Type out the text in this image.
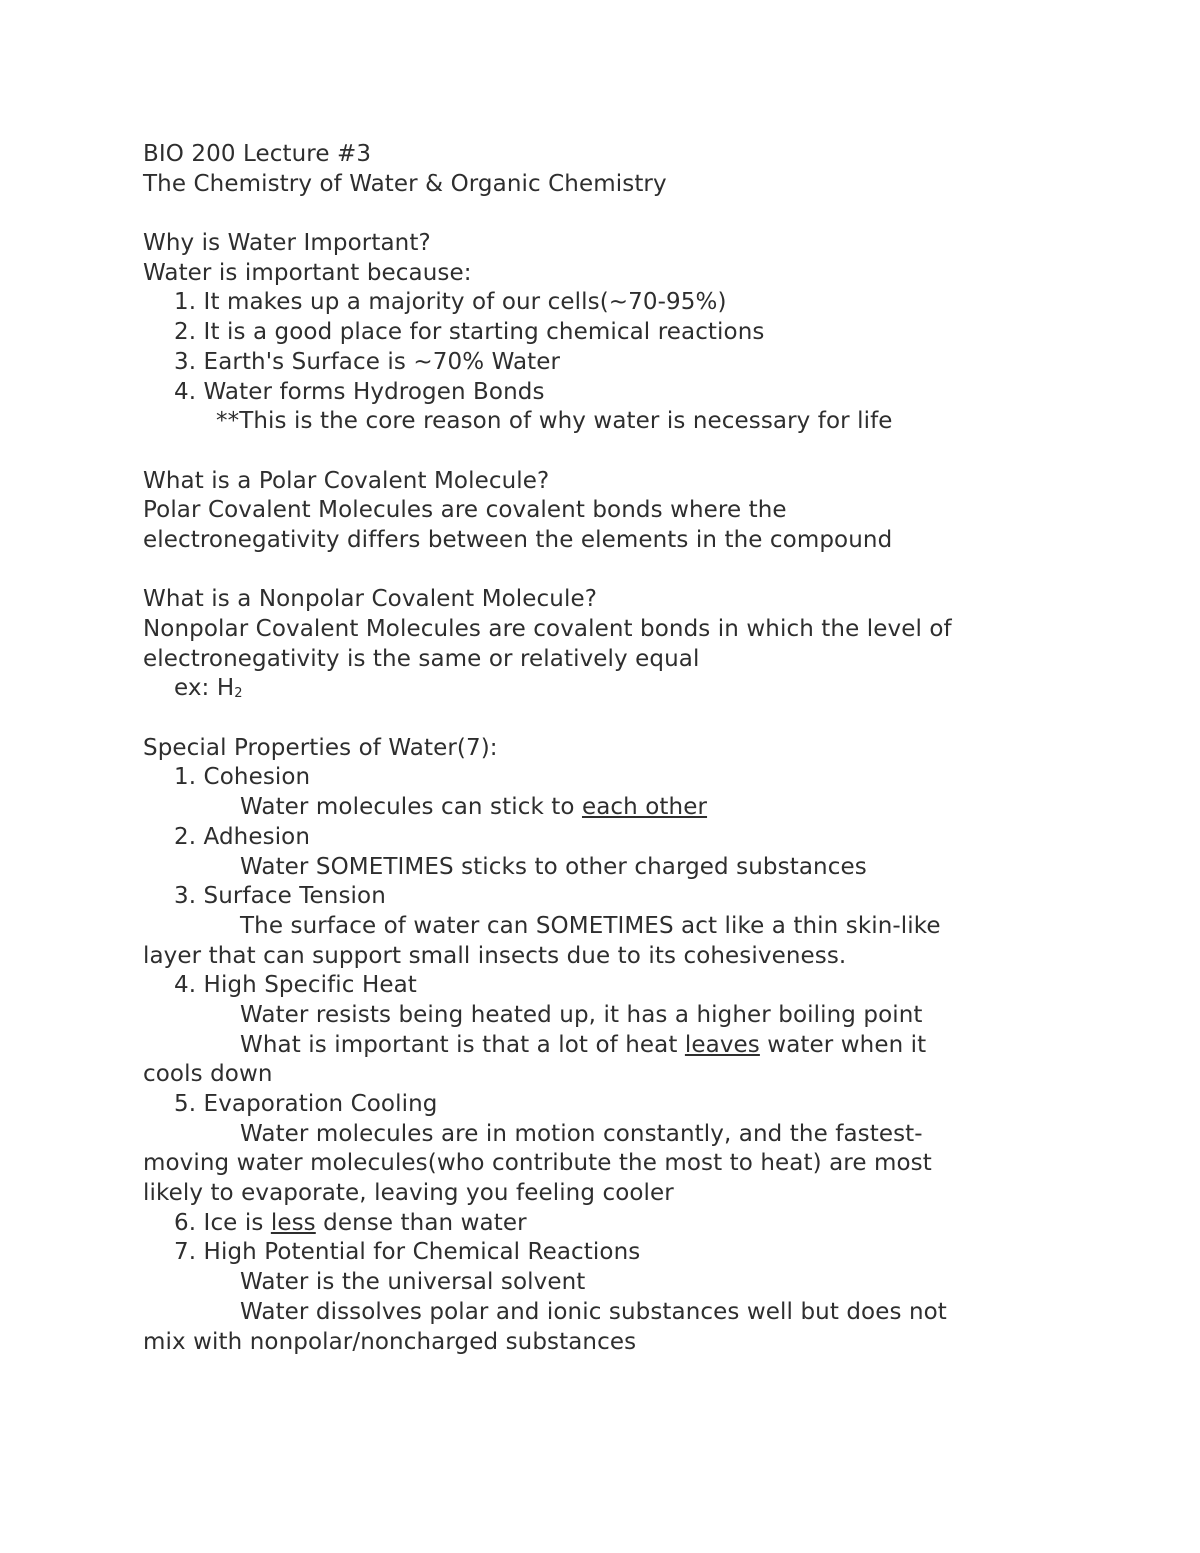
BIO 200 Lecture #3
The Chemistry of Water & Organic Chemistry
Why is Water Important?
Water is important because:
1. It makes up a majority of our cells(~70-95%)
2. It is a good place for starting chemical reactions
3. Earth's Surface is ~70% Water
4. Water forms Hydrogen Bonds
**This is the core reason of why water is necessary for life
What is a Polar Covalent Molecule?
Polar Covalent Molecules are covalent bonds where the
electronegativity differs between the elements in the compound
What is a Nonpolar Covalent Molecule?
Nonpolar Covalent Molecules are covalent bonds in which the level of
electronegativity is the same or relatively equal
ex: H2
Special Properties of Water(7):
1. Cohesion
Water molecules can stick to each other
2. Adhesion
Water SOMETIMES sticks to other charged substances
3. Surface Tension
The surface of water can SOMETIMES act like a thin skin-like
layer that can support small insects due to its cohesiveness.
4. High Specific Heat
Water resists being heated up, it has a higher boiling point
What is important is that a lot of heat leaves water when it
cools down
5. Evaporation Cooling
Water molecules are in motion constantly, and the fastest-
moving water molecules(who contribute the most to heat) are most
likely to evaporate, leaving you feeling cooler
6. Ice is less dense than water
7. High Potential for Chemical Reactions
Water is the universal solvent
Water dissolves polar and ionic substances well but does not
mix with nonpolar/noncharged substances
